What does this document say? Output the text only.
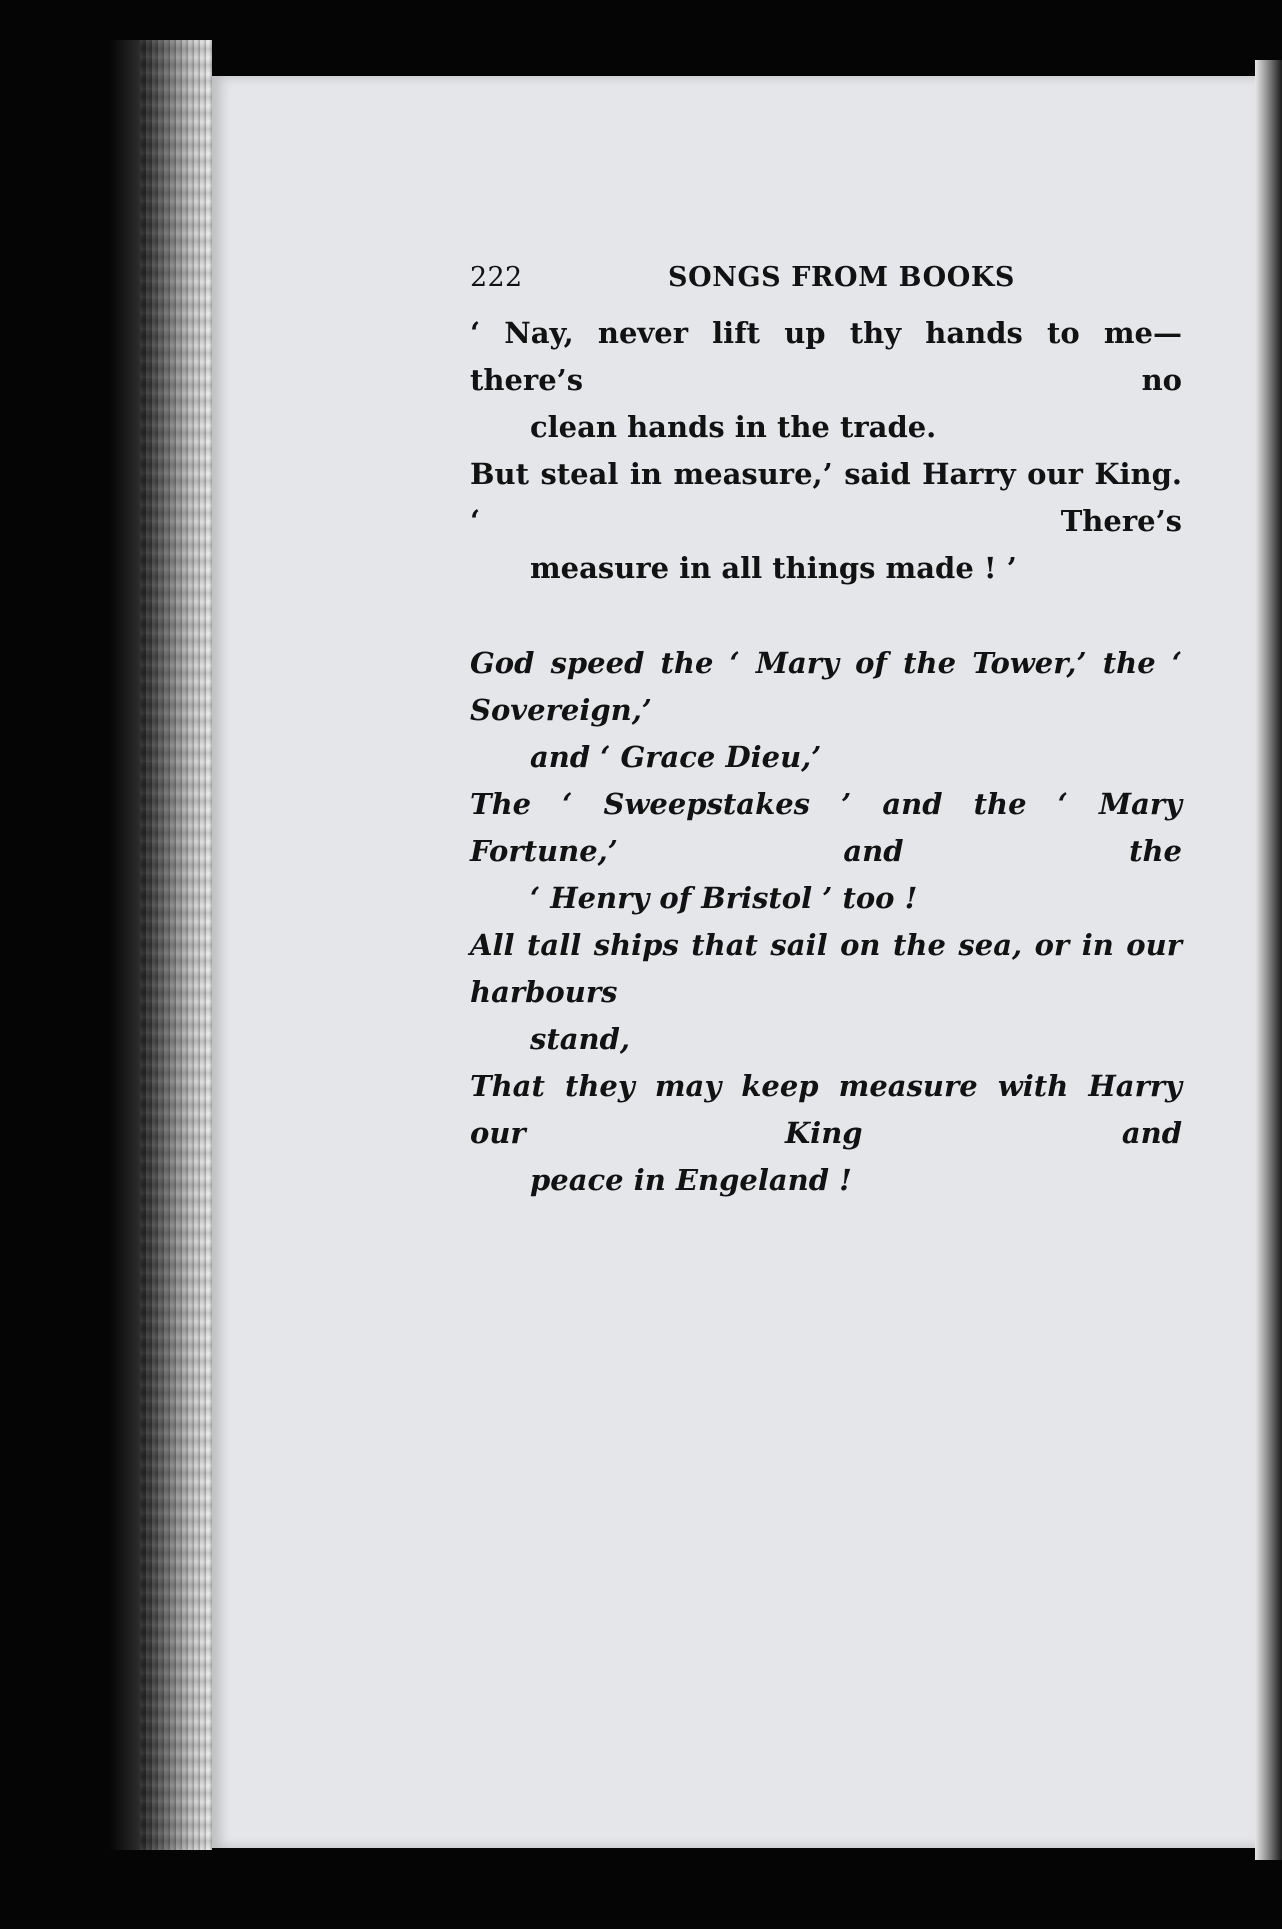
222	SONGS FROM BOOKS
‘ Nay, never lift up thy hands to me—there’s no
clean hands in the trade.
But steal in measure,’ said Harry our King. ‘ There’s
measure in all things made ! ’
God speed the ‘ Mary of the Tower,’ the ‘ Sovereign,’
and ‘ Grace Dieu,’
The ‘ Sweepstakes ’ and the ‘ Mary Fortune,’ and the
‘ Henry of Bristol ’ too !
All tall ships that sail on the sea, or in our harbours
stand,
That they may keep measure with Harry our King and
peace in Engeland !
